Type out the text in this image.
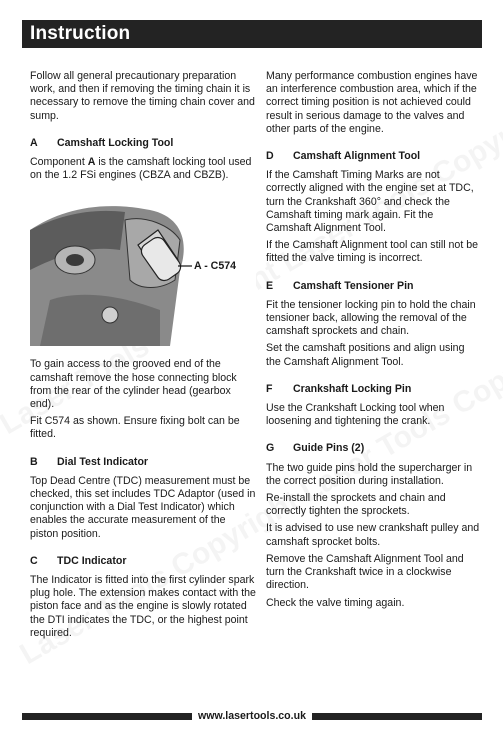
Instruction

Follow all general precautionary preparation work, and then if removing the timing chain it is necessary to remove the timing chain cover and sump.

A	Camshaft Locking Tool

Component A is the camshaft locking tool used on the 1.2 FSi engines (CBZA and CBZB).

A - C574

To gain access to the grooved end of the camshaft remove the hose connecting block from the rear of the cylinder head (gearbox end).

Fit C574 as shown. Ensure fixing bolt can be fitted.

B	Dial Test Indicator

Top Dead Centre (TDC) measurement must be checked, this set includes TDC Adaptor (used in conjunction with a Dial Test Indicator) which enables the accurate measurement of the piston position.

C	TDC Indicator

The Indicator is fitted into the first cylinder spark plug hole. The extension makes contact with the piston face and as the engine is slowly rotated the DTI indicates the TDC, or the highest point required.

Many performance combustion engines have an interference combustion area, which if the correct timing position is not achieved could result in serious damage to the valves and other parts of the engine.

D	Camshaft Alignment Tool

If the Camshaft Timing Marks are not correctly aligned with the engine set at TDC, turn the Crankshaft 360° and check the Camshaft timing mark again. Fit the Camshaft Alignment Tool.

If the Camshaft Alignment tool can still not be fitted the valve timing is incorrect.

E	Camshaft Tensioner Pin

Fit the tensioner locking pin to hold the chain tensioner back, allowing the removal of the camshaft sprockets and chain.

Set the camshaft positions and align using the Camshaft Alignment Tool.

F	Crankshaft Locking Pin

Use the Crankshaft Locking tool when loosening and tightening the crank.

G	Guide Pins (2)

The two guide pins hold the supercharger in the correct position during installation.

Re-install the sprockets and chain and correctly tighten the sprockets.

It is advised to use new crankshaft pulley and camshaft sprocket bolts.

Remove the Camshaft Alignment Tool and turn the Crankshaft twice in a clockwise direction.

Check the valve timing again.

www.lasertools.co.uk
